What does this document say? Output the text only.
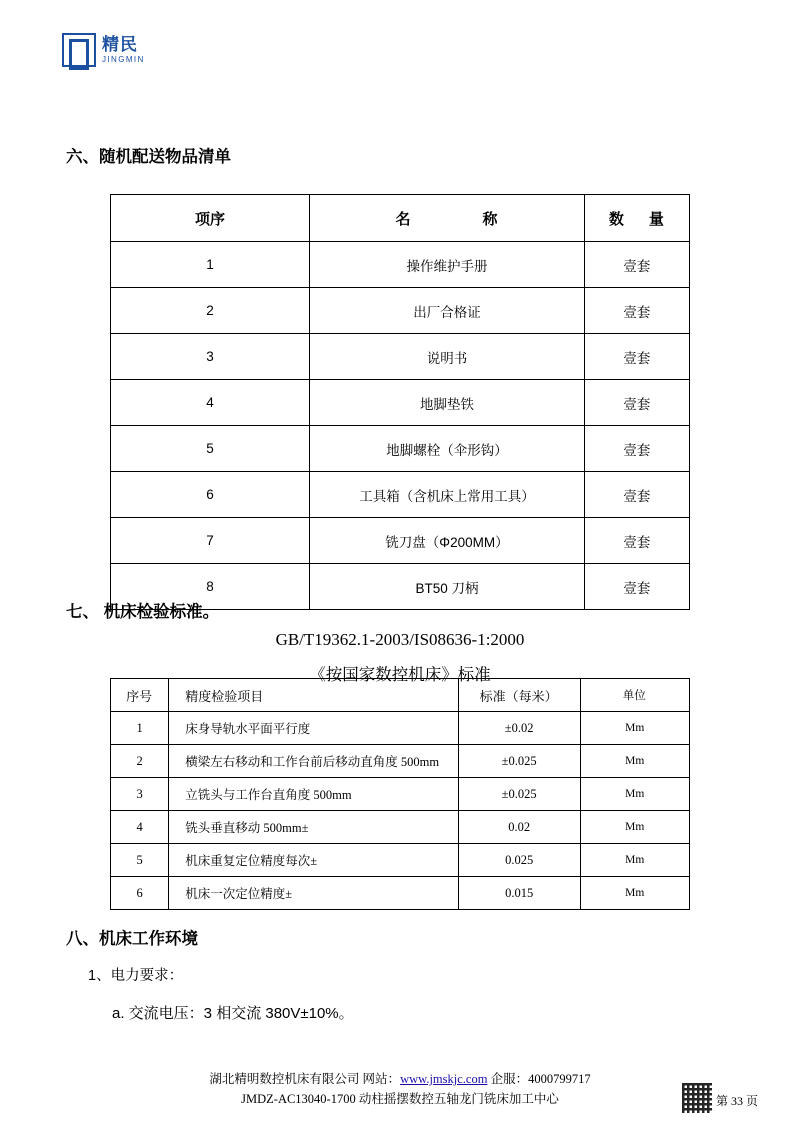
精民
JINGMIN
六、随机配送物品清单
项序	名　　称	数　量
1	操作维护手册	壹套
2	出厂合格证	壹套
3	说明书	壹套
4	地脚垫铁	壹套
5	地脚螺栓（伞形钩）	壹套
6	工具箱（含机床上常用工具）	壹套
7	铣刀盘（Φ200MM）	壹套
8	BT50 刀柄	壹套
七、 机床检验标准。
GB/T19362.1-2003/IS08636-1:2000
《按国家数控机床》标准
序号	精度检验项目	标准（每米）	单位
1	床身导轨水平面平行度	±0.02	Mm
2	横梁左右移动和工作台前后移动直角度 500mm	±0.025	Mm
3	立铣头与工作台直角度 500mm	±0.025	Mm
4	铣头垂直移动 500mm±	0.02	Mm
5	机床重复定位精度每次±	0.025	Mm
6	机床一次定位精度±	0.015	Mm
八、机床工作环境
1、电力要求：
a. 交流电压：3 相交流 380V±10%。
湖北精明数控机床有限公司 网站：www.jmskjc.com 企服：4000799717
JMDZ-AC13040-1700 动柱摇摆数控五轴龙门铣床加工中心	第 33 页
